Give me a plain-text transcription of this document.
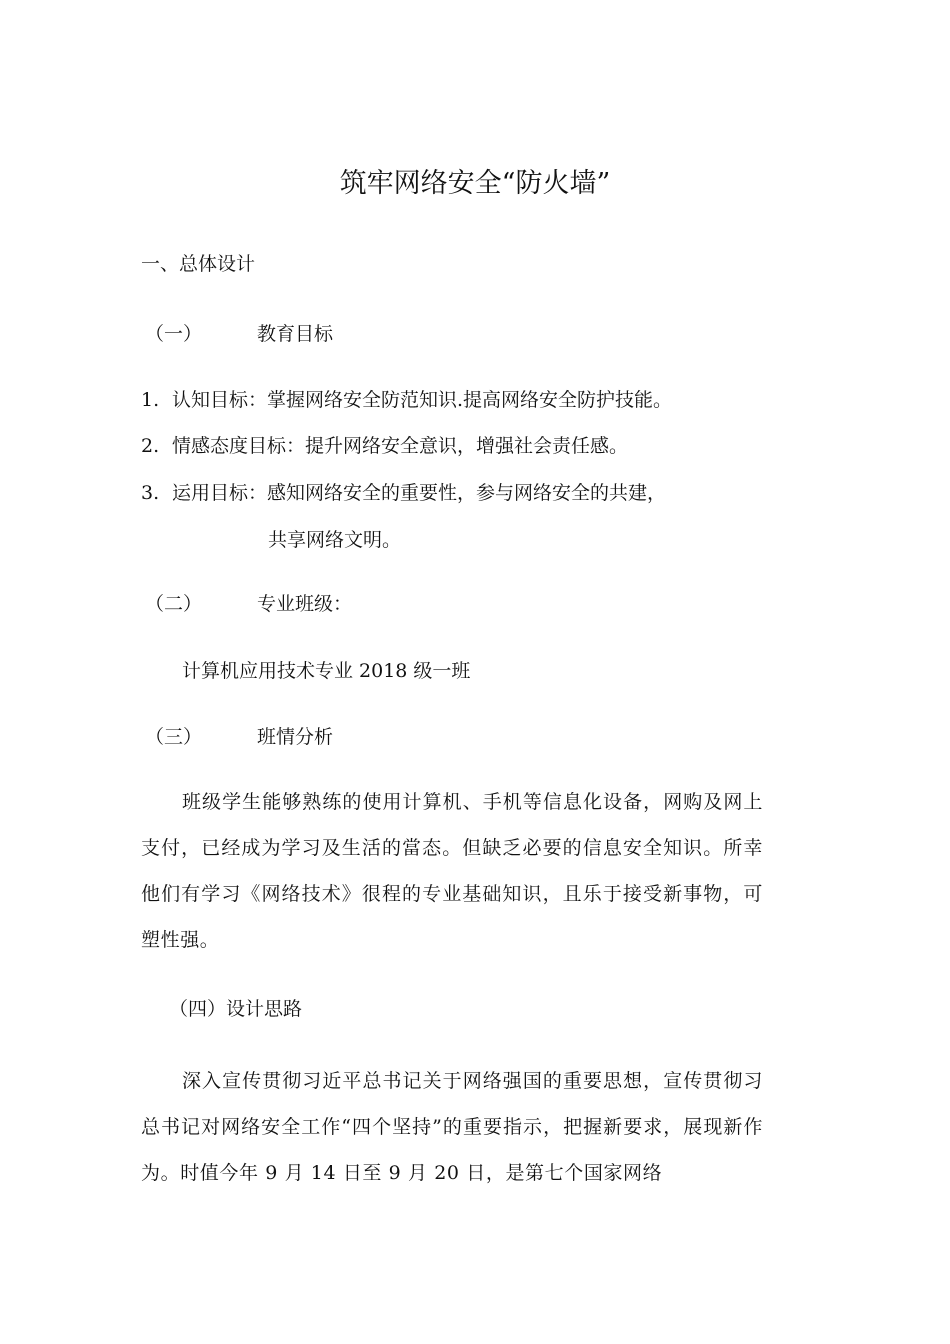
筑牢网络安全“防火墙”
一、总体设计
（一）	教育目标
1. 认知目标：掌握网络安全防范知识.提高网络安全防护技能。
2. 情感态度目标：提升网络安全意识，增强社会责任感。
3. 运用目标：感知网络安全的重要性，参与网络安全的共建，
共享网络文明。
（二）	专业班级：
计算机应用技术专业 2018 级一班
（三）	班情分析
班级学生能够熟练的使用计算机、手机等信息化设备，网购及网上支付，已经成为学习及生活的當态。但缺乏必要的信息安全知识。所幸他们有学习《网络技术》很程的专业基础知识，且乐于接受新事物，可塑性强。
（四）设计思路
深入宣传贯彻习近平总书记关于网络强国的重要思想，宣传贯彻习总书记对网络安全工作“四个坚持”的重要指示，把握新要求，展现新作为。时值今年 9 月 14 日至 9 月 20 日，是第七个国家网络
